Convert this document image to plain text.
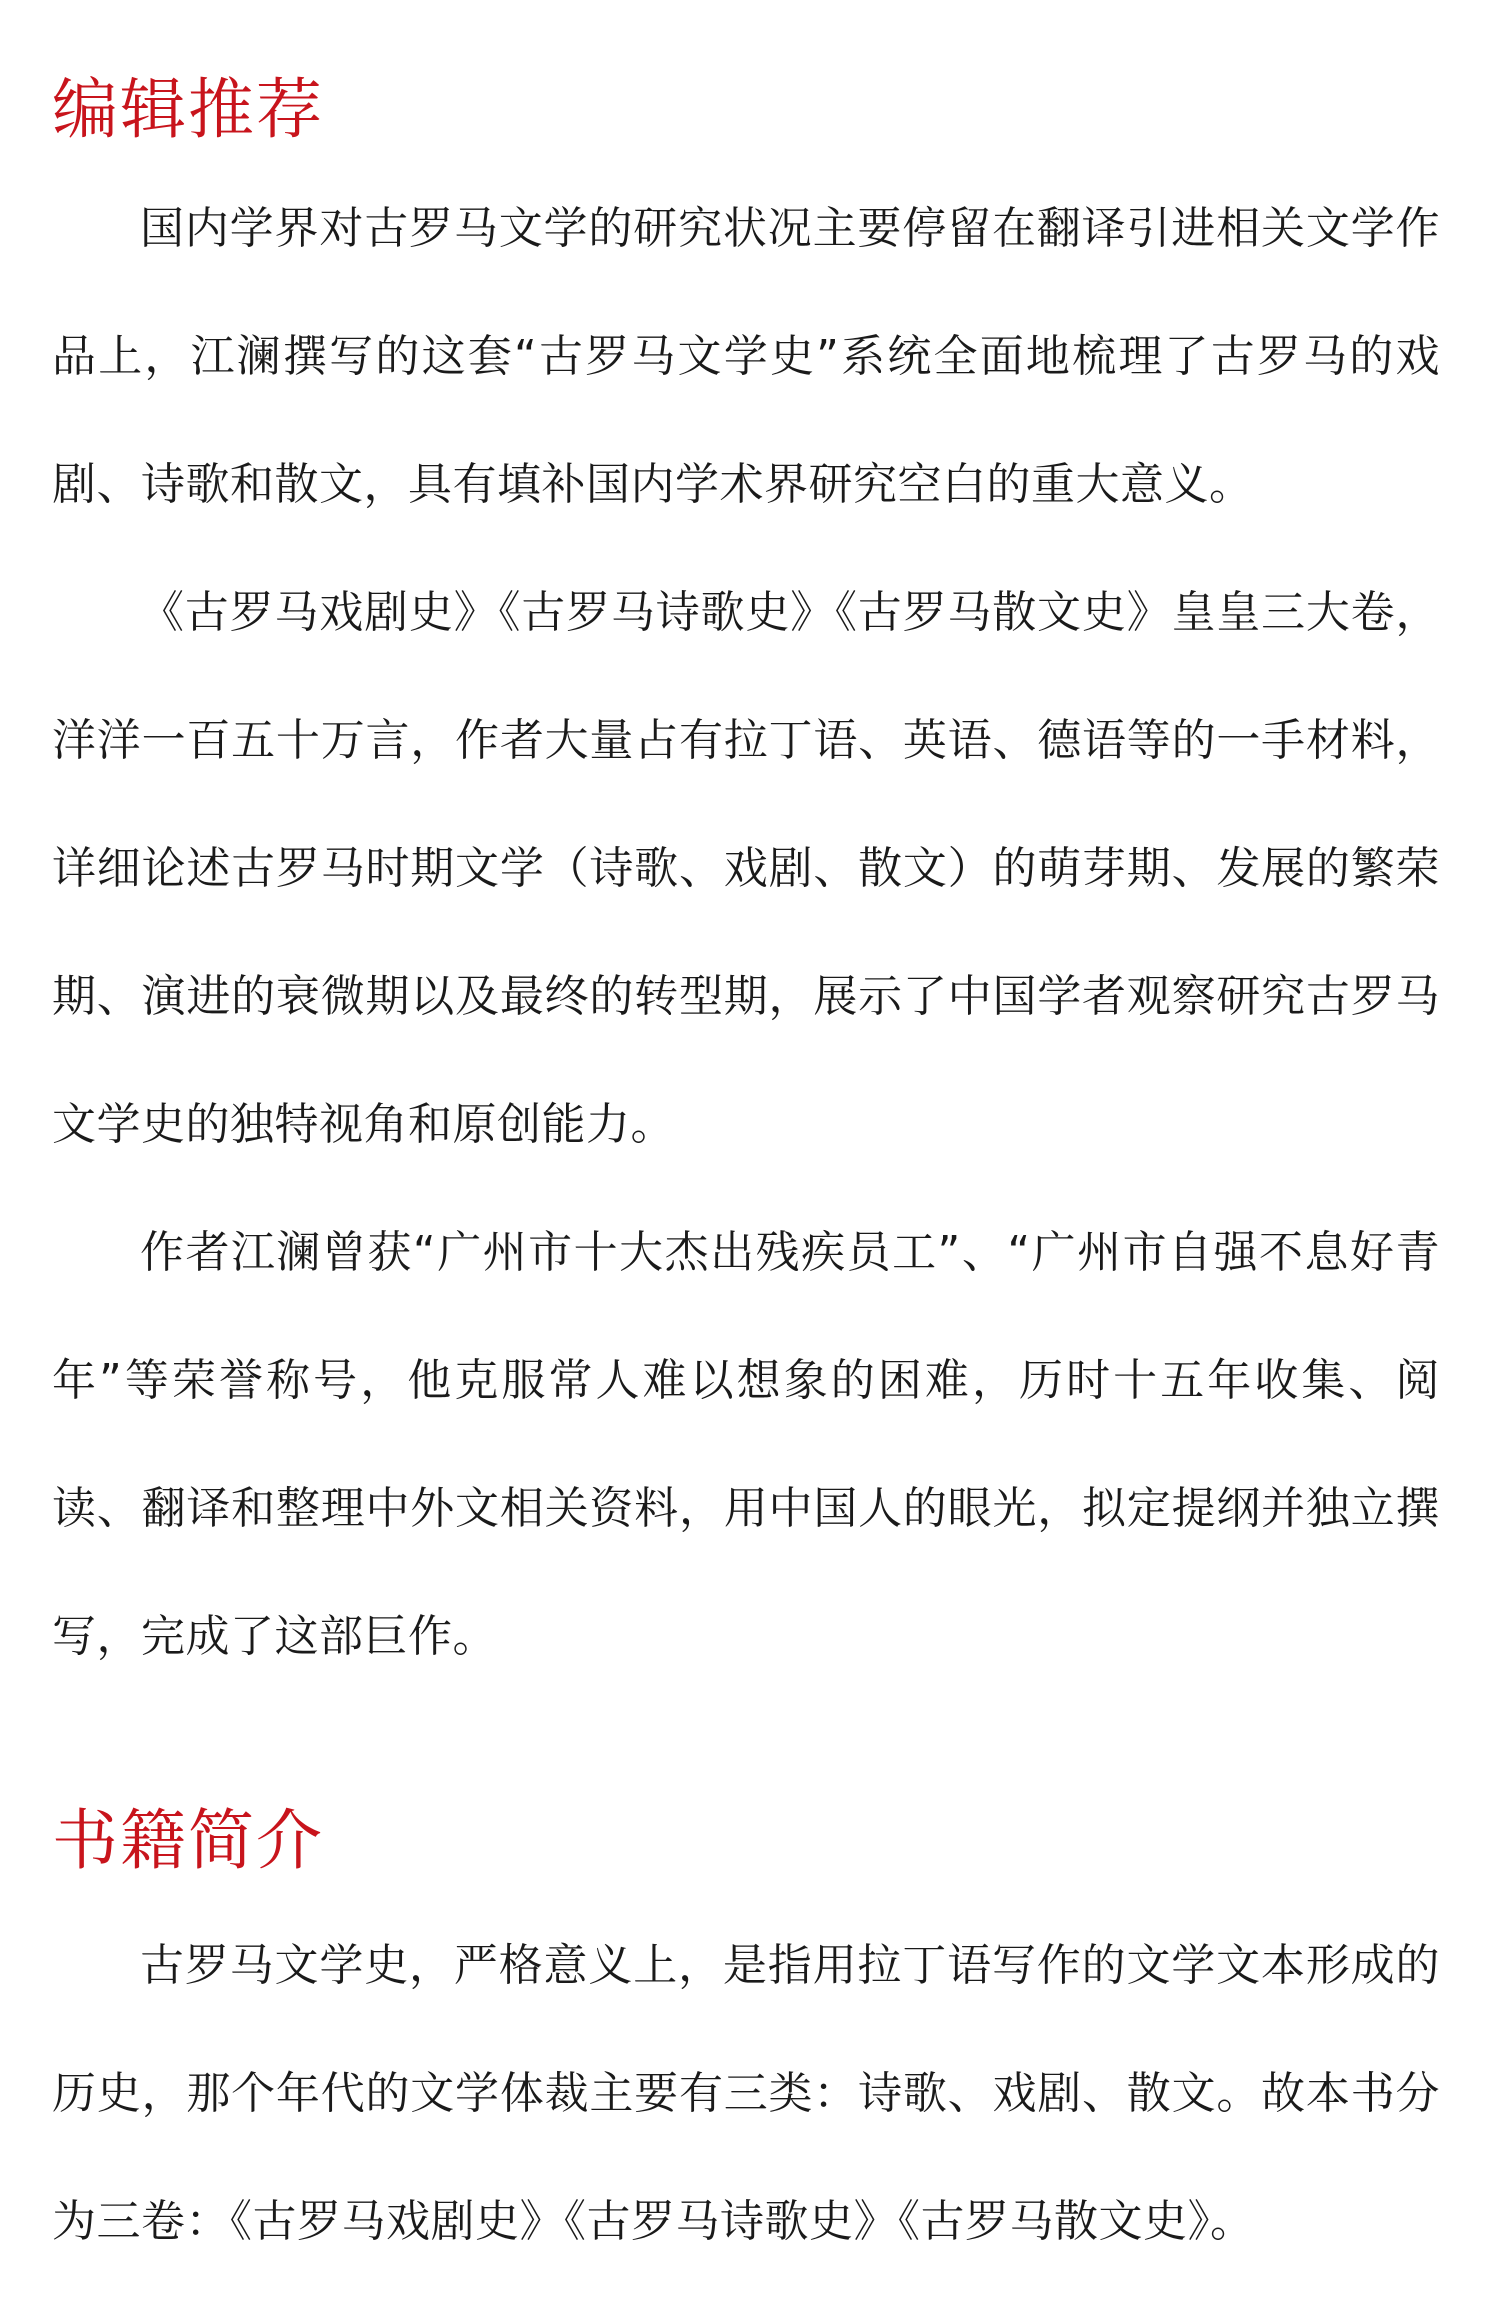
编辑推荐

国内学界对古罗马文学的研究状况主要停留在翻译引进相关文学作品上，江澜撰写的这套“古罗马文学史”系统全面地梳理了古罗马的戏剧、诗歌和散文，具有填补国内学术界研究空白的重大意义。

《古罗马戏剧史》《古罗马诗歌史》《古罗马散文史》皇皇三大卷，洋洋一百五十万言，作者大量占有拉丁语、英语、德语等的一手材料，详细论述古罗马时期文学（诗歌、戏剧、散文）的萌芽期、发展的繁荣期、演进的衰微期以及最终的转型期，展示了中国学者观察研究古罗马文学史的独特视角和原创能力。

作者江澜曾获“广州市十大杰出残疾员工”、“广州市自强不息好青年”等荣誉称号，他克服常人难以想象的困难，历时十五年收集、阅读、翻译和整理中外文相关资料，用中国人的眼光，拟定提纲并独立撰写，完成了这部巨作。

书籍简介

古罗马文学史，严格意义上，是指用拉丁语写作的文学文本形成的历史，那个年代的文学体裁主要有三类：诗歌、戏剧、散文。故本书分为三卷：《古罗马戏剧史》《古罗马诗歌史》《古罗马散文史》。
